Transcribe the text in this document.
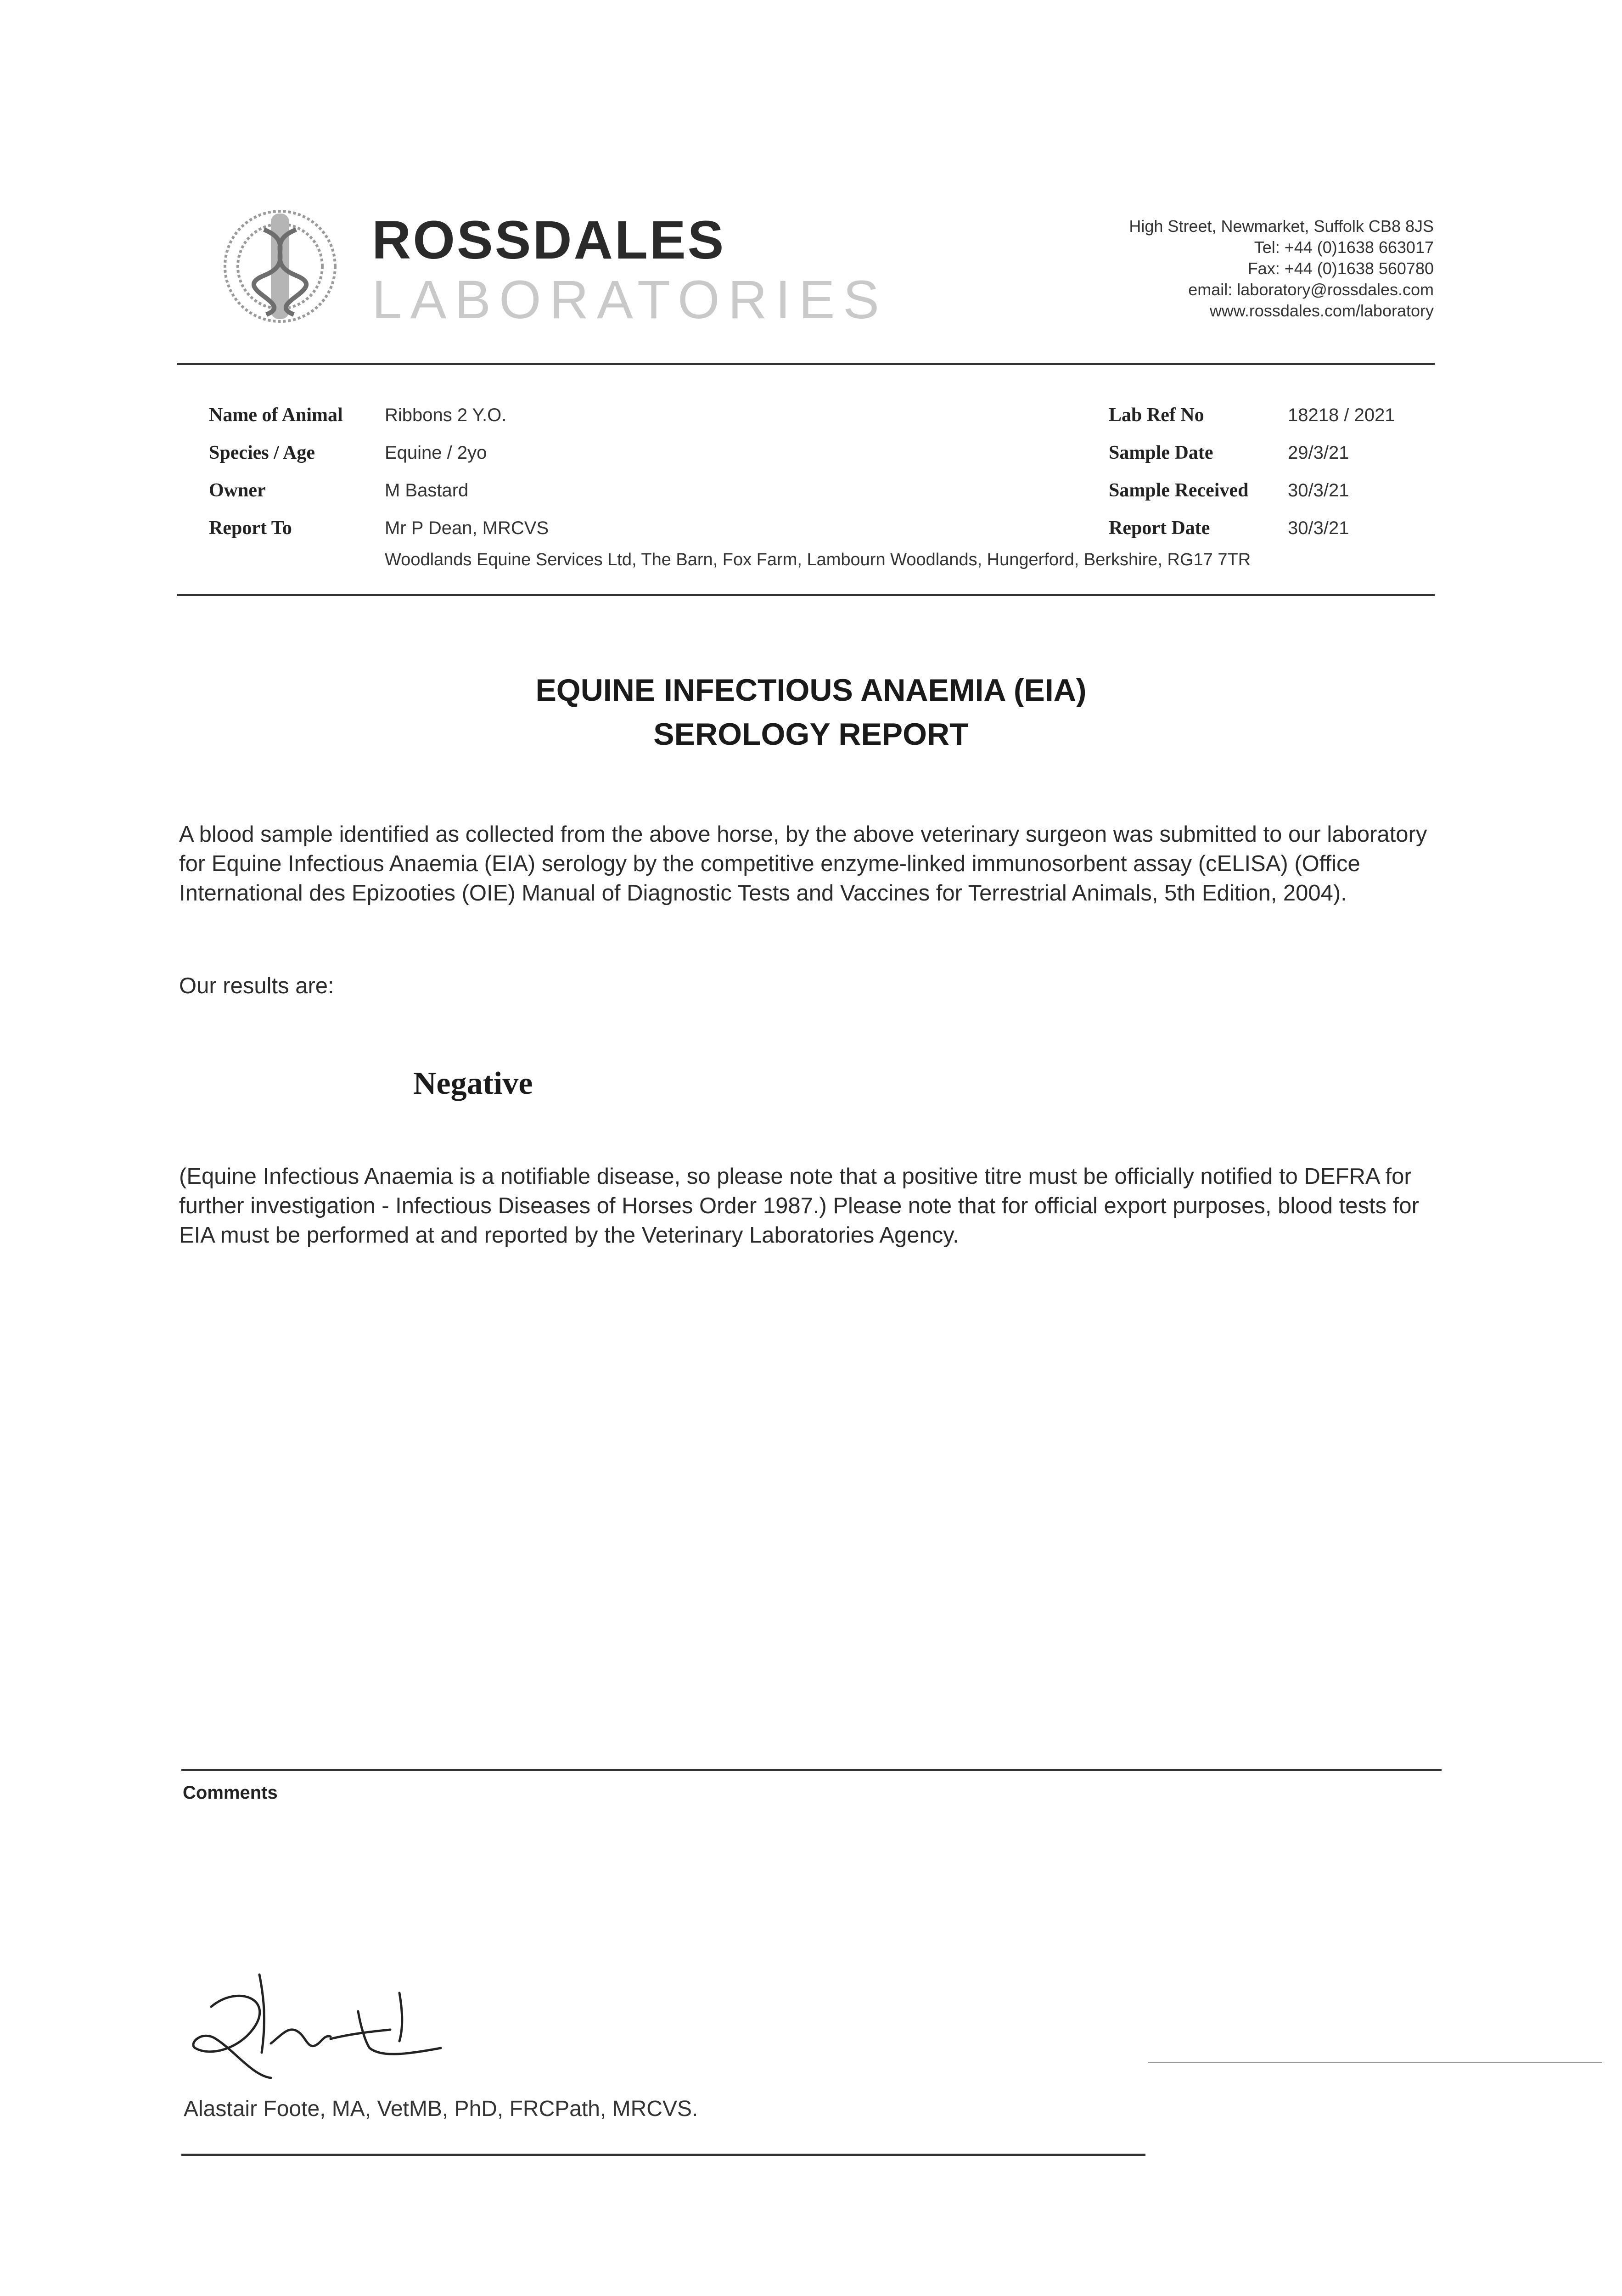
ROSSDALES
LABORATORIES
High Street, Newmarket, Suffolk CB8 8JS
Tel: +44 (0)1638 663017
Fax: +44 (0)1638 560780
email: laboratory@rossdales.com
www.rossdales.com/laboratory
Name of Animal Ribbons 2 Y.O.
Species / Age	Equine / 2yo
Owner	M Bastard
Report To	Mr P Dean, MRCVS
Woodlands Equine Services Ltd, The Barn, Fox Farm, Lambourn Woodlands, Hungerford, Berkshire, RG17 7TR
Lab Ref No	18218 / 2021
Sample Date	29/3/21
Sample Received 30/3/21
Report Date	30/3/21
EQUINE INFECTIOUS ANAEMIA (EIA)
SEROLOGY REPORT
A blood sample identified as collected from the above horse, by the above veterinary surgeon was submitted to our laboratory for Equine Infectious Anaemia (EIA) serology by the competitive enzyme-linked immunosorbent assay (cELISA) (Office International des Epizooties (OIE) Manual of Diagnostic Tests and Vaccines for Terrestrial Animals, 5th Edition, 2004).
Our results are:
Negative
(Equine Infectious Anaemia is a notifiable disease, so please note that a positive titre must be officially notified to DEFRA for further investigation - Infectious Diseases of Horses Order 1987.) Please note that for official export purposes, blood tests for EIA must be performed at and reported by the Veterinary Laboratories Agency.
Comments
Alastair Foote, MA, VetMB, PhD, FRCPath, MRCVS.
